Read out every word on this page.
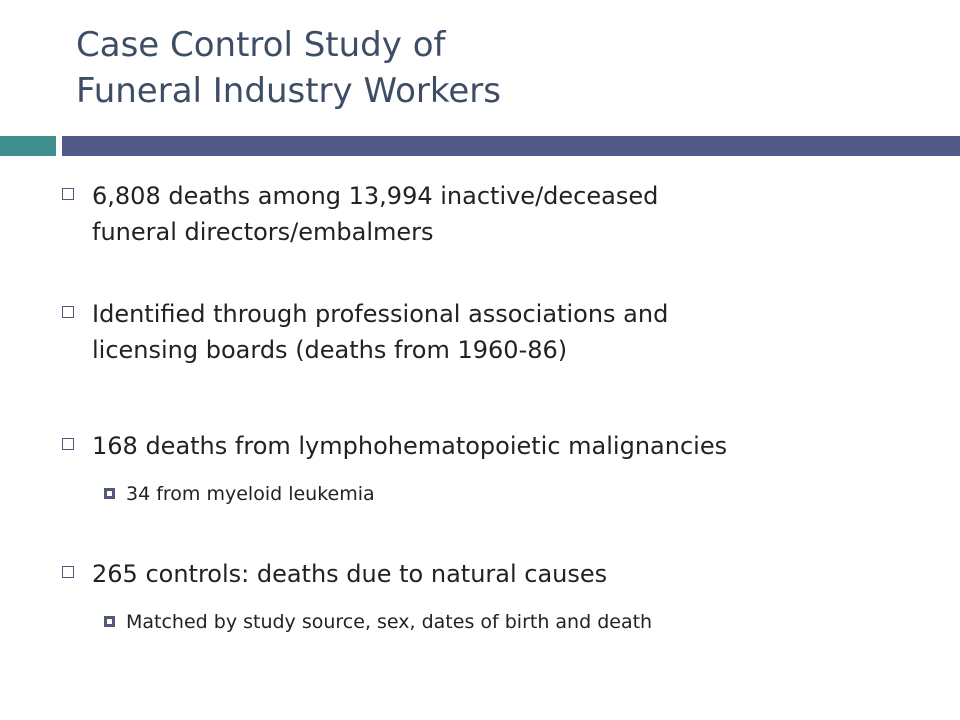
Case Control Study of
Funeral Industry Workers
6,808 deaths among 13,994 inactive/deceased
funeral directors/embalmers
Identified through professional associations and
licensing boards (deaths from 1960-86)
168 deaths from lymphohematopoietic malignancies
34 from myeloid leukemia
265 controls: deaths due to natural causes
Matched by study source, sex, dates of birth and death
